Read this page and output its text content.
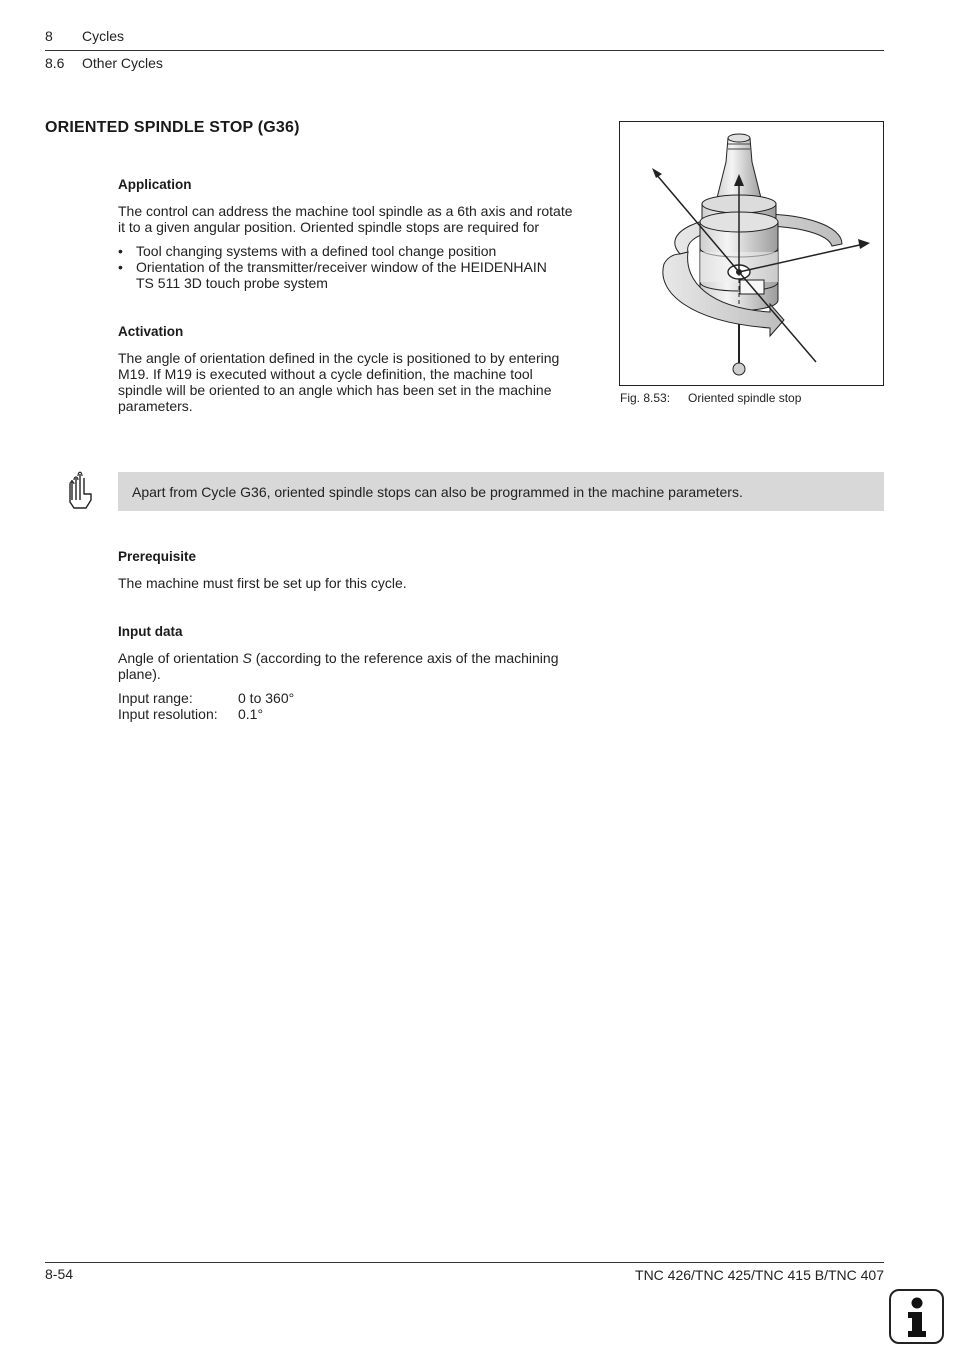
8 Cycles
8.6 Other Cycles
ORIENTED SPINDLE STOP (G36)
Application
The control can address the machine tool spindle as a 6th axis and rotate
it to a given angular position. Oriented spindle stops are required for
• Tool changing systems with a defined tool change position
• Orientation of the transmitter/receiver window of the HEIDENHAIN
TS 511 3D touch probe system
Activation
The angle of orientation defined in the cycle is positioned to by entering
M19. If M19 is executed without a cycle definition, the machine tool
spindle will be oriented to an angle which has been set in the machine
parameters.	Fig. 8.53: Oriented spindle stop
Apart from Cycle G36, oriented spindle stops can also be programmed in the machine parameters.
Prerequisite
The machine must first be set up for this cycle.
Input data
Angle of orientation S (according to the reference axis of the machining
plane).
Input range:	0 to 360°
Input resolution:	0.1°
8-54	TNC 426/TNC 425/TNC 415 B/TNC 407
